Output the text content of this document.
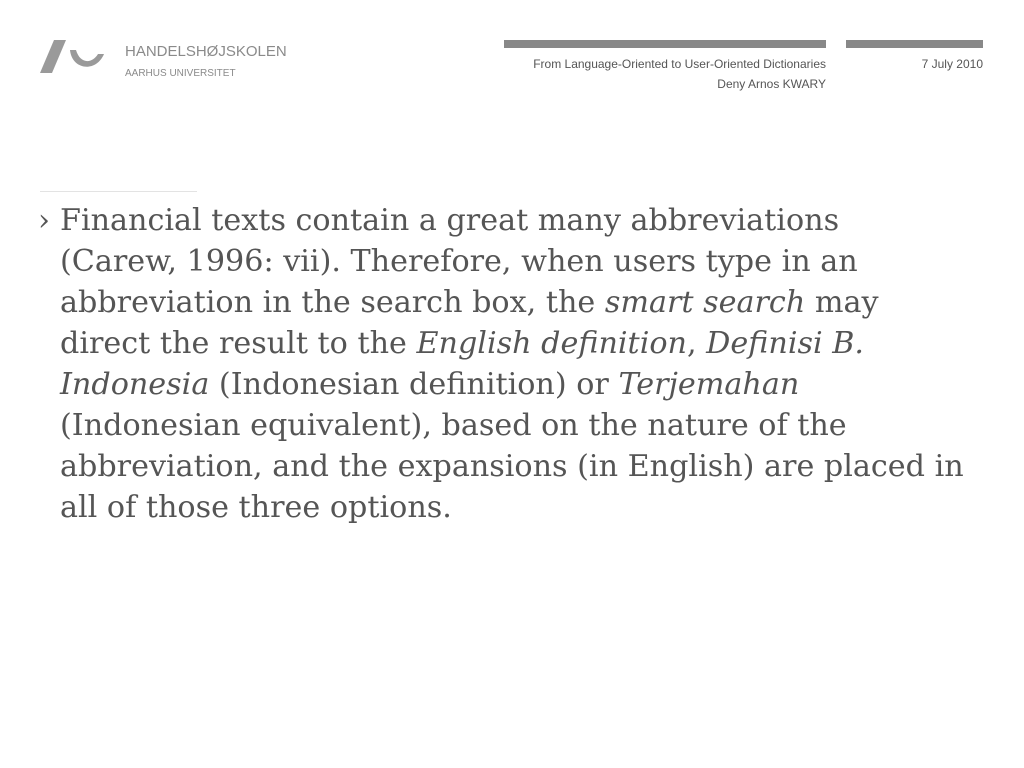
HANDELSHØJSKOLEN
AARHUS UNIVERSITET
From Language-Oriented to User-Oriented Dictionaries
Deny Arnos KWARY
7 July 2010
› Financial texts contain a great many abbreviations (Carew, 1996: vii). Therefore, when users type in an abbreviation in the search box, the smart search may direct the result to the English definition, Definisi B. Indonesia (Indonesian definition) or Terjemahan (Indonesian equivalent), based on the nature of the abbreviation, and the expansions (in English) are placed in all of those three options.
